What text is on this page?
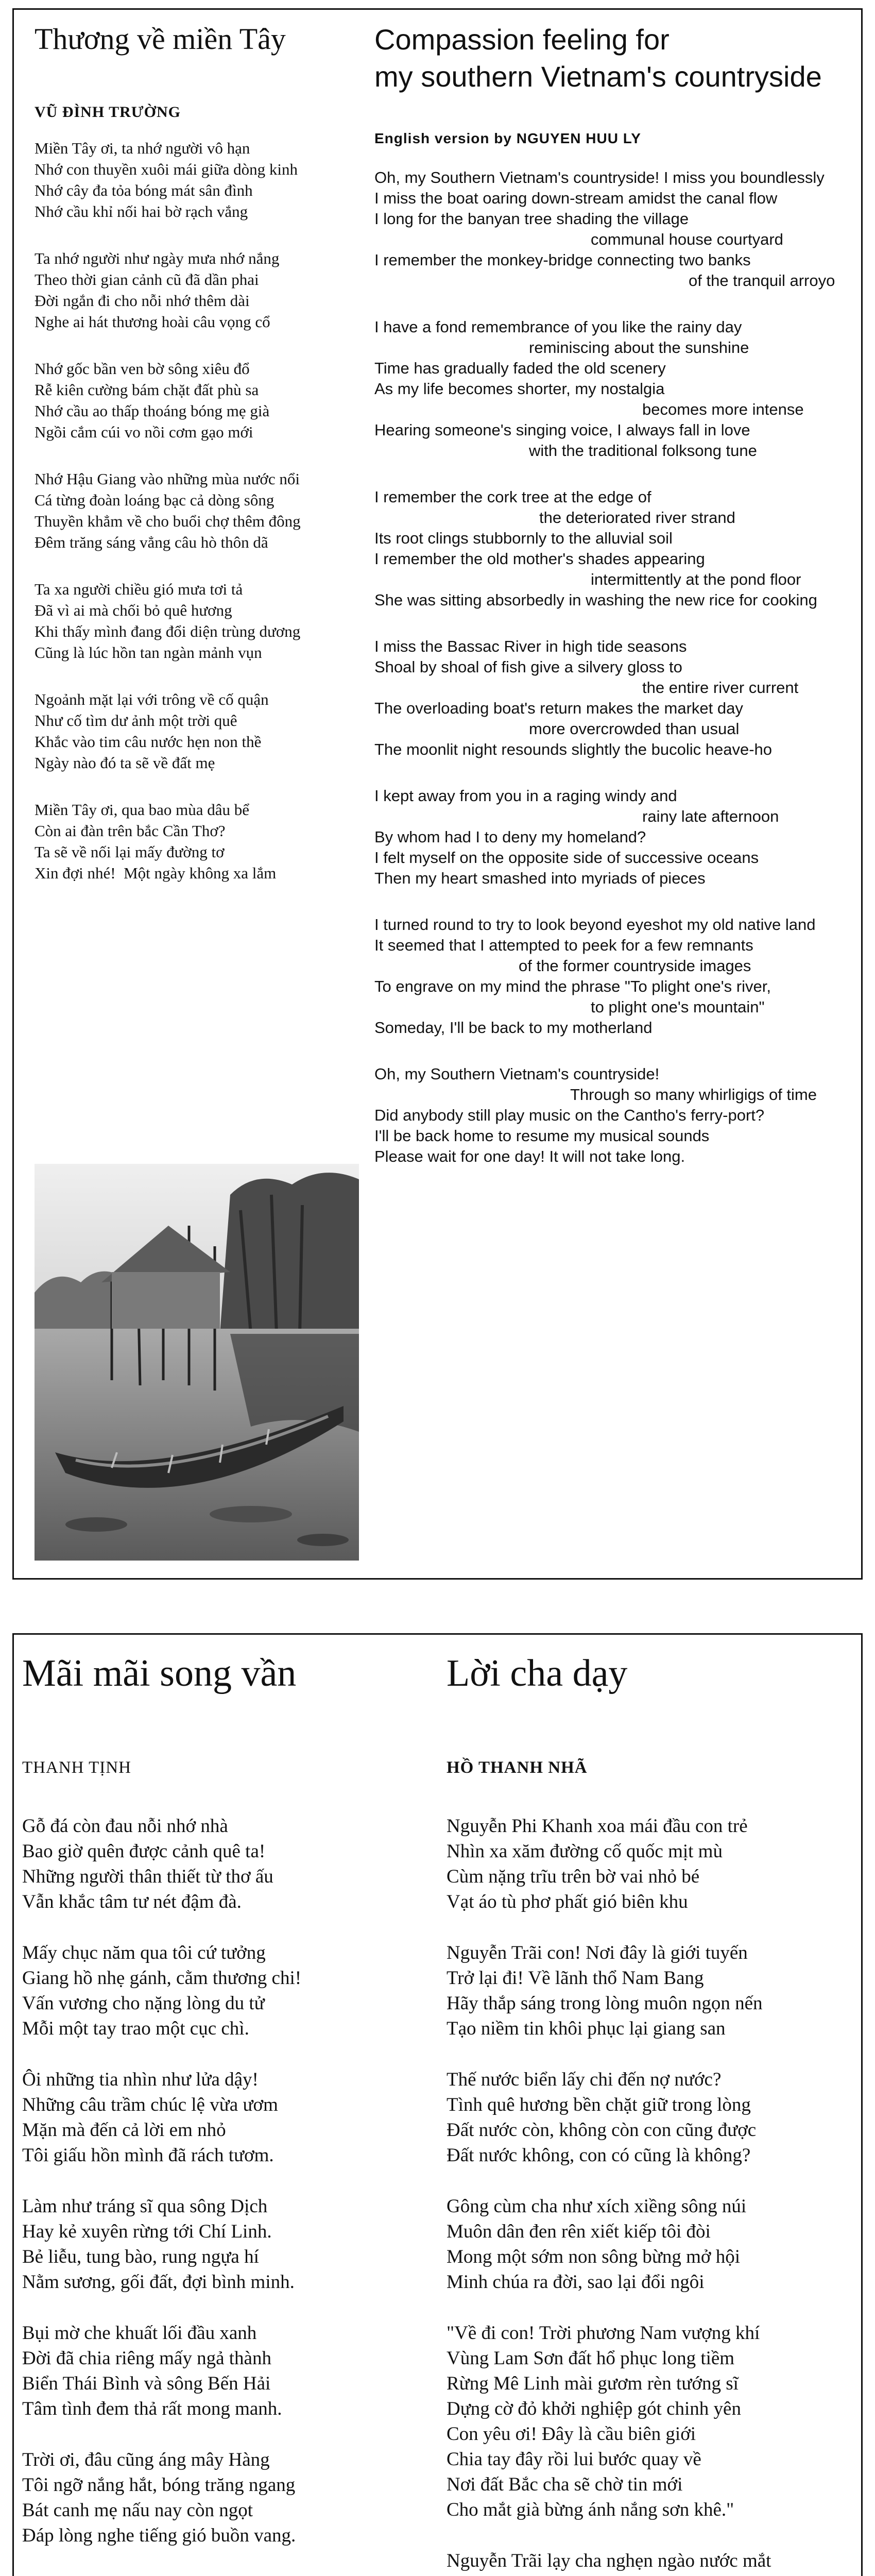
Thương về miền Tây
VŨ ĐÌNH TRƯỜNG
Miền Tây ơi, ta nhớ người vô hạn
Nhớ con thuyền xuôi mái giữa dòng kinh
Nhớ cây đa tỏa bóng mát sân đình
Nhớ cầu khỉ nối hai bờ rạch vắng
Ta nhớ người như ngày mưa nhớ nắng
Theo thời gian cảnh cũ đã dần phai
Đời ngắn đi cho nỗi nhớ thêm dài
Nghe ai hát thương hoài câu vọng cổ
Nhớ gốc bần ven bờ sông xiêu đổ
Rễ kiên cường bám chặt đất phù sa
Nhớ cầu ao thấp thoáng bóng mẹ già
Ngồi cắm cúi vo nồi cơm gạo mới
Nhớ Hậu Giang vào những mùa nước nổi
Cá từng đoàn loáng bạc cả dòng sông
Thuyền khẳm về cho buổi chợ thêm đông
Đêm trăng sáng vẳng câu hò thôn dã
Ta xa người chiều gió mưa tơi tả
Đã vì ai mà chối bỏ quê hương
Khi thấy mình đang đổi diện trùng dương
Cũng là lúc hồn tan ngàn mảnh vụn
Ngoảnh mặt lại với trông về cố quận
Như cố tìm dư ảnh một trời quê
Khắc vào tim câu nước hẹn non thề
Ngày nào đó ta sẽ về đất mẹ
Miền Tây ơi, qua bao mùa dâu bể
Còn ai đàn trên bắc Cần Thơ?
Ta sẽ về nối lại mấy đường tơ
Xin đợi nhé!  Một ngày không xa lắm
Compassion feeling for
my southern Vietnam's countryside
English version by NGUYEN HUU LY
Oh, my Southern Vietnam's countryside! I miss you boundlessly
I miss the boat oaring down-stream amidst the canal flow
I long for the banyan tree shading the village
communal house courtyard
I remember the monkey-bridge connecting two banks
of the tranquil arroyo
I have a fond remembrance of you like the rainy day
reminiscing about the sunshine
Time has gradually faded the old scenery
As my life becomes shorter, my nostalgia
becomes more intense
Hearing someone's singing voice, I always fall in love
with the traditional folksong tune
I remember the cork tree at the edge of
the deteriorated river strand
Its root clings stubbornly to the alluvial soil
I remember the old mother's shades appearing
intermittently at the pond floor
She was sitting absorbedly in washing the new rice for cooking
I miss the Bassac River in high tide seasons
Shoal by shoal of fish give a silvery gloss to
the entire river current
The overloading boat's return makes the market day
more overcrowded than usual
The moonlit night resounds slightly the bucolic heave-ho
I kept away from you in a raging windy and
rainy late afternoon
By whom had I to deny my homeland?
I felt myself on the opposite side of successive oceans
Then my heart smashed into myriads of pieces
I turned round to try to look beyond eyeshot my old native land
It seemed that I attempted to peek for a few remnants
of the former countryside images
To engrave on my mind the phrase "To plight one's river,
to plight one's mountain"
Someday, I'll be back to my motherland
Oh, my Southern Vietnam's countryside!
Through so many whirligigs of time
Did anybody still play music on the Cantho's ferry-port?
I'll be back home to resume my musical sounds
Please wait for one day! It will not take long.
Mãi mãi song vần
THANH TỊNH
Gỗ đá còn đau nỗi nhớ nhà
Bao giờ quên được cảnh quê ta!
Những người thân thiết từ thơ ấu
Vẫn khắc tâm tư nét đậm đà.
Mấy chục năm qua tôi cứ tưởng
Giang hồ nhẹ gánh, cằm thương chi!
Vấn vương cho nặng lòng du tử
Mỗi một tay trao một cục chì.
Ôi những tia nhìn như lửa dậy!
Những câu trầm chúc lệ vừa ươm
Mặn mà đến cả lời em nhỏ
Tôi giấu hồn mình đã rách tươm.
Làm như tráng sĩ qua sông Dịch
Hay kẻ xuyên rừng tới Chí Linh.
Bẻ liễu, tung bào, rung ngựa hí
Nằm sương, gối đất, đợi bình minh.
Bụi mờ che khuất lối đầu xanh
Đời đã chia riêng mấy ngả thành
Biển Thái Bình và sông Bến Hải
Tâm tình đem thả rất mong manh.
Trời ơi, đâu cũng áng mây Hàng
Tôi ngỡ nắng hắt, bóng trăng ngang
Bát canh mẹ nấu nay còn ngọt
Đáp lòng nghe tiếng gió buồn vang.
Lời cha dạy
HỒ THANH NHÃ
Nguyễn Phi Khanh xoa mái đầu con trẻ
Nhìn xa xăm đường cố quốc mịt mù
Cùm nặng trĩu trên bờ vai nhỏ bé
Vạt áo tù phơ phất gió biên khu
Nguyễn Trãi con! Nơi đây là giới tuyến
Trở lại đi! Về lãnh thổ Nam Bang
Hãy thắp sáng trong lòng muôn ngọn nến
Tạo niềm tin khôi phục lại giang san
Thế nước biển lấy chi đến nợ nước?
Tình quê hương bền chặt giữ trong lòng
Đất nước còn, không còn con cũng được
Đất nước không, con có cũng là không?
Gông cùm cha như xích xiềng sông núi
Muôn dân đen rên xiết kiếp tôi đòi
Mong một sớm non sông bừng mở hội
Minh chúa ra đời, sao lại đổi ngôi
"Về đi con! Trời phương Nam vượng khí
Vùng Lam Sơn đất hổ phục long tiềm
Rừng Mê Linh mài gươm rèn tướng sĩ
Dựng cờ đỏ khởi nghiệp gót chinh yên
Con yêu ơi! Đây là cầu biên giới
Chia tay đây rồi lui bước quay về
Nơi đất Bắc cha sẽ chờ tin mới
Cho mắt già bừng ánh nắng sơn khê."
Nguyễn Trãi lạy cha nghẹn ngào nước mắt
